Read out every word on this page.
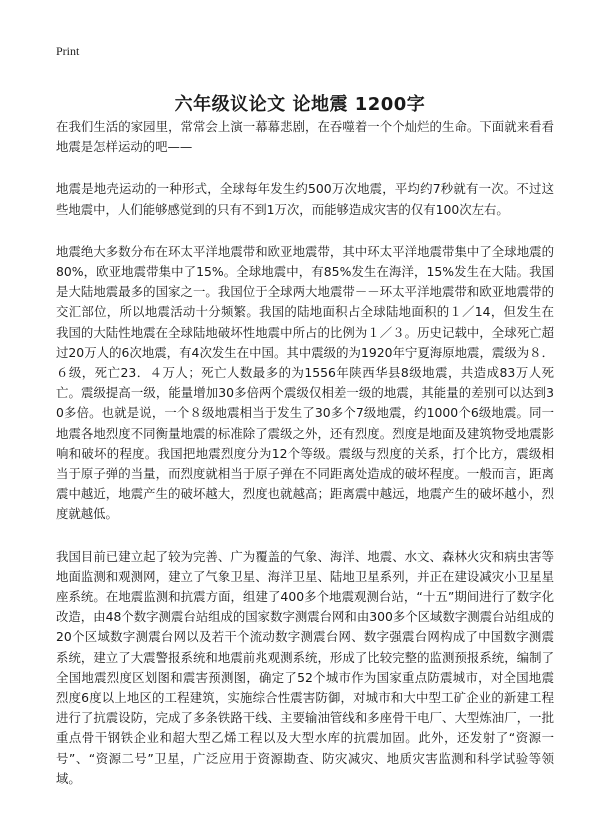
Print
六年级议论文 论地震 1200字

在我们生活的家园里，常常会上演一幕幕悲剧，在吞噬着一个个灿烂的生命。下面就来看看地震是怎样运动的吧——

地震是地壳运动的一种形式，全球每年发生约500万次地震，平均约7秒就有一次。不过这些地震中，人们能够感觉到的只有不到1万次，而能够造成灾害的仅有100次左右。

地震绝大多数分布在环太平洋地震带和欧亚地震带，其中环太平洋地震带集中了全球地震的80%，欧亚地震带集中了15%。全球地震中，有85%发生在海洋，15%发生在大陆。我国是大陆地震最多的国家之一。我国位于全球两大地震带－－环太平洋地震带和欧亚地震带的交汇部位，所以地震活动十分频繁。我国的陆地面积占全球陆地面积的１／14，但发生在我国的大陆性地震在全球陆地破坏性地震中所占的比例为１／３。历史记载中，全球死亡超过20万人的6次地震，有4次发生在中国。其中震级的为1920年宁夏海原地震，震级为８．６级，死亡23．４万人；死亡人数最多的为1556年陕西华县8级地震，共造成83万人死亡。震级提高一级，能量增加30多倍两个震级仅相差一级的地震，其能量的差别可以达到30多倍。也就是说，一个８级地震相当于发生了30多个7级地震，约1000个6级地震。同一地震各地烈度不同衡量地震的标准除了震级之外，还有烈度。烈度是地面及建筑物受地震影响和破坏的程度。我国把地震烈度分为12个等级。震级与烈度的关系，打个比方，震级相当于原子弹的当量，而烈度就相当于原子弹在不同距离处造成的破坏程度。一般而言，距离震中越近，地震产生的破坏越大，烈度也就越高；距离震中越远，地震产生的破坏越小，烈度就越低。

我国目前已建立起了较为完善、广为覆盖的气象、海洋、地震、水文、森林火灾和病虫害等地面监测和观测网，建立了气象卫星、海洋卫星、陆地卫星系列，并正在建设减灾小卫星星座系统。在地震监测和抗震方面，组建了400多个地震观测台站，“十五”期间进行了数字化改造，由48个数字测震台站组成的国家数字测震台网和由300多个区域数字测震台站组成的20个区域数字测震台网以及若干个流动数字测震台网、数字强震台网构成了中国数字测震系统，建立了大震警报系统和地震前兆观测系统，形成了比较完整的监测预报系统，编制了全国地震烈度区划图和震害预测图，确定了52个城市作为国家重点防震城市，对全国地震烈度6度以上地区的工程建筑，实施综合性震害防御，对城市和大中型工矿企业的新建工程进行了抗震设防，完成了多条铁路干线、主要输油管线和多座骨干电厂、大型炼油厂，一批重点骨干钢铁企业和超大型乙烯工程以及大型水库的抗震加固。此外，还发射了“资源一号”、“资源二号”卫星，广泛应用于资源勘查、防灾减灾、地质灾害监测和科学试验等领域。
